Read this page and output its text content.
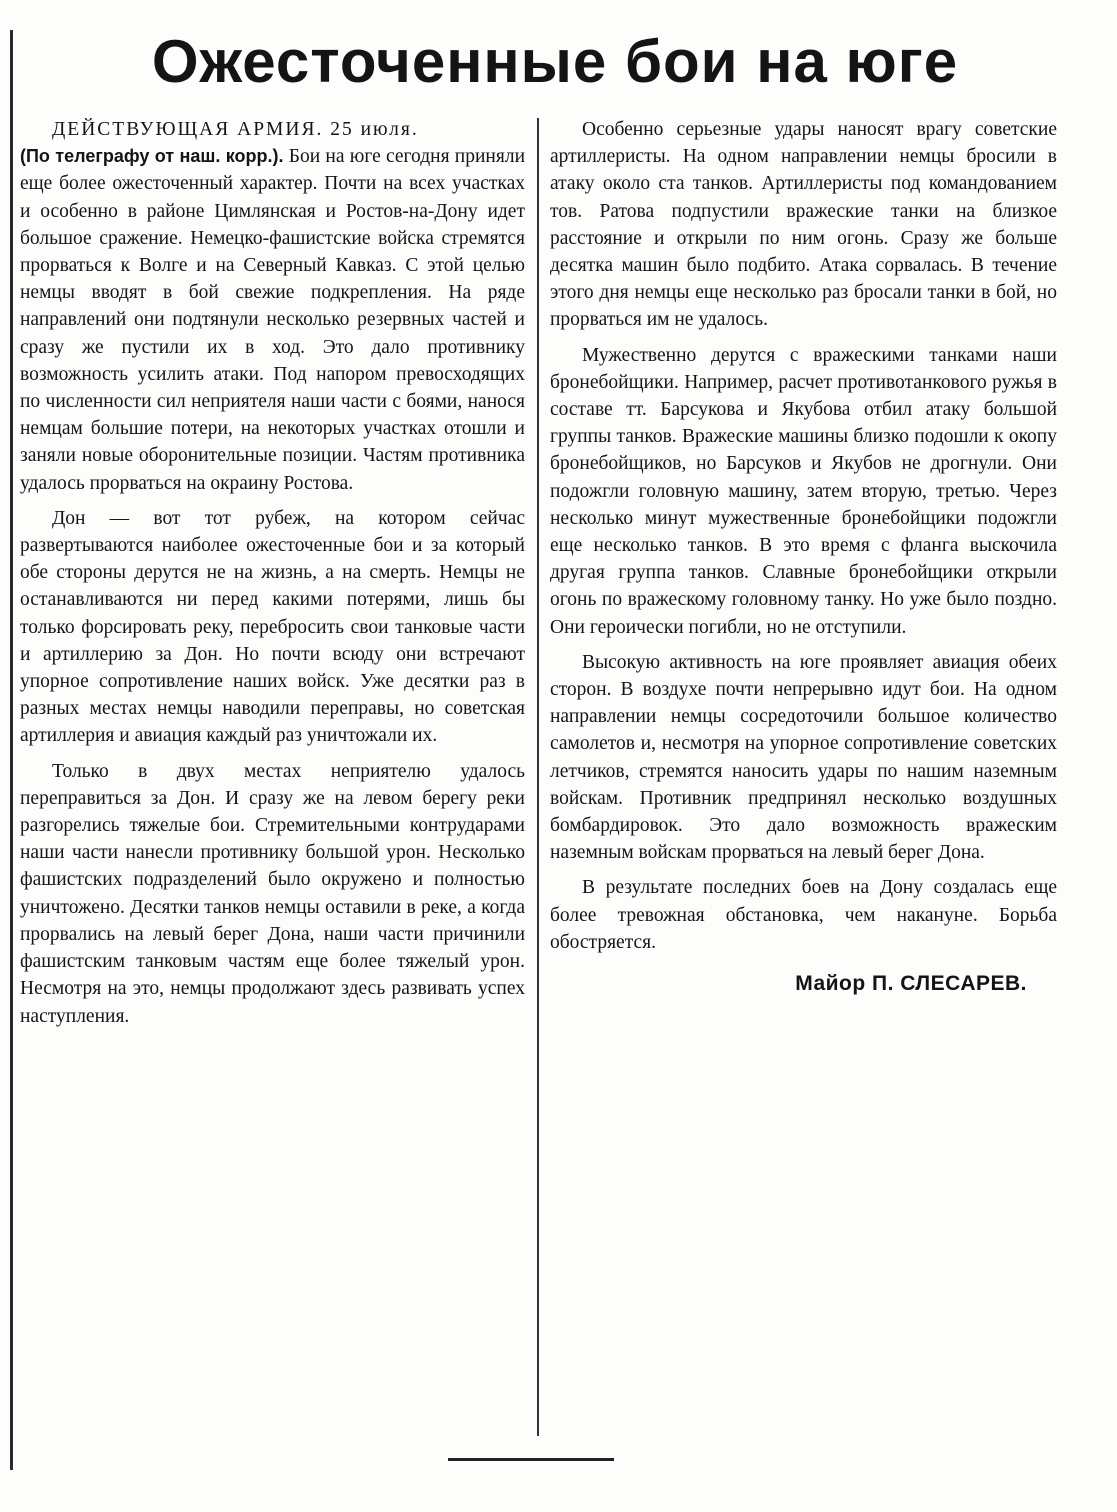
Ожесточенные бои на юге

ДЕЙСТВУЮЩАЯ АРМИЯ. 25 июля.
(По телеграфу от наш. корр.). Бои на юге сегодня приняли еще более ожесточенный характер. Почти на всех участках и особенно в районе Цимлянская и Ростов-на-Дону идет большое сражение. Немецко-фашистские войска стремятся прорваться к Волге и на Северный Кавказ. С этой целью немцы вводят в бой свежие подкрепления. На ряде направлений они подтянули несколько резервных частей и сразу же пустили их в ход. Это дало противнику возможность усилить атаки. Под напором превосходящих по численности сил неприятеля наши части с боями, нанося немцам большие потери, на некоторых участках отошли и заняли новые оборонительные позиции. Частям противника удалось прорваться на окраину Ростова.

Дон — вот тот рубеж, на котором сейчас развертываются наиболее ожесточенные бои и за который обе стороны дерутся не на жизнь, а на смерть. Немцы не останавливаются ни перед какими потерями, лишь бы только форсировать реку, перебросить свои танковые части и артиллерию за Дон. Но почти всюду они встречают упорное сопротивление наших войск. Уже десятки раз в разных местах немцы наводили переправы, но советская артиллерия и авиация каждый раз уничтожали их.

Только в двух местах неприятелю удалось переправиться за Дон. И сразу же на левом берегу реки разгорелись тяжелые бои. Стремительными контрударами наши части нанесли противнику большой урон. Несколько фашистских подразделений было окружено и полностью уничтожено. Десятки танков немцы оставили в реке, а когда прорвались на левый берег Дона, наши части причинили фашистским танковым частям еще более тяжелый урон. Несмотря на это, немцы продолжают здесь развивать успех наступления.

Особенно серьезные удары наносят врагу советские артиллеристы. На одном направлении немцы бросили в атаку около ста танков. Артиллеристы под командованием тов. Ратова подпустили вражеские танки на близкое расстояние и открыли по ним огонь. Сразу же больше десятка машин было подбито. Атака сорвалась. В течение этого дня немцы еще несколько раз бросали танки в бой, но прорваться им не удалось.

Мужественно дерутся с вражескими танками наши бронебойщики. Например, расчет противотанкового ружья в составе тт. Барсукова и Якубова отбил атаку большой группы танков. Вражеские машины близко подошли к окопу бронебойщиков, но Барсуков и Якубов не дрогнули. Они подожгли головную машину, затем вторую, третью. Через несколько минут мужественные бронебойщики подожгли еще несколько танков. В это время с фланга выскочила другая группа танков. Славные бронебойщики открыли огонь по вражескому головному танку. Но уже было поздно. Они героически погибли, но не отступили.

Высокую активность на юге проявляет авиация обеих сторон. В воздухе почти непрерывно идут бои. На одном направлении немцы сосредоточили большое количество самолетов и, несмотря на упорное сопротивление советских летчиков, стремятся наносить удары по нашим наземным войскам. Противник предпринял несколько воздушных бомбардировок. Это дало возможность вражеским наземным войскам прорваться на левый берег Дона.

В результате последних боев на Дону создалась еще более тревожная обстановка, чем накануне. Борьба обостряется.

Майор П. СЛЕСАРЕВ.
